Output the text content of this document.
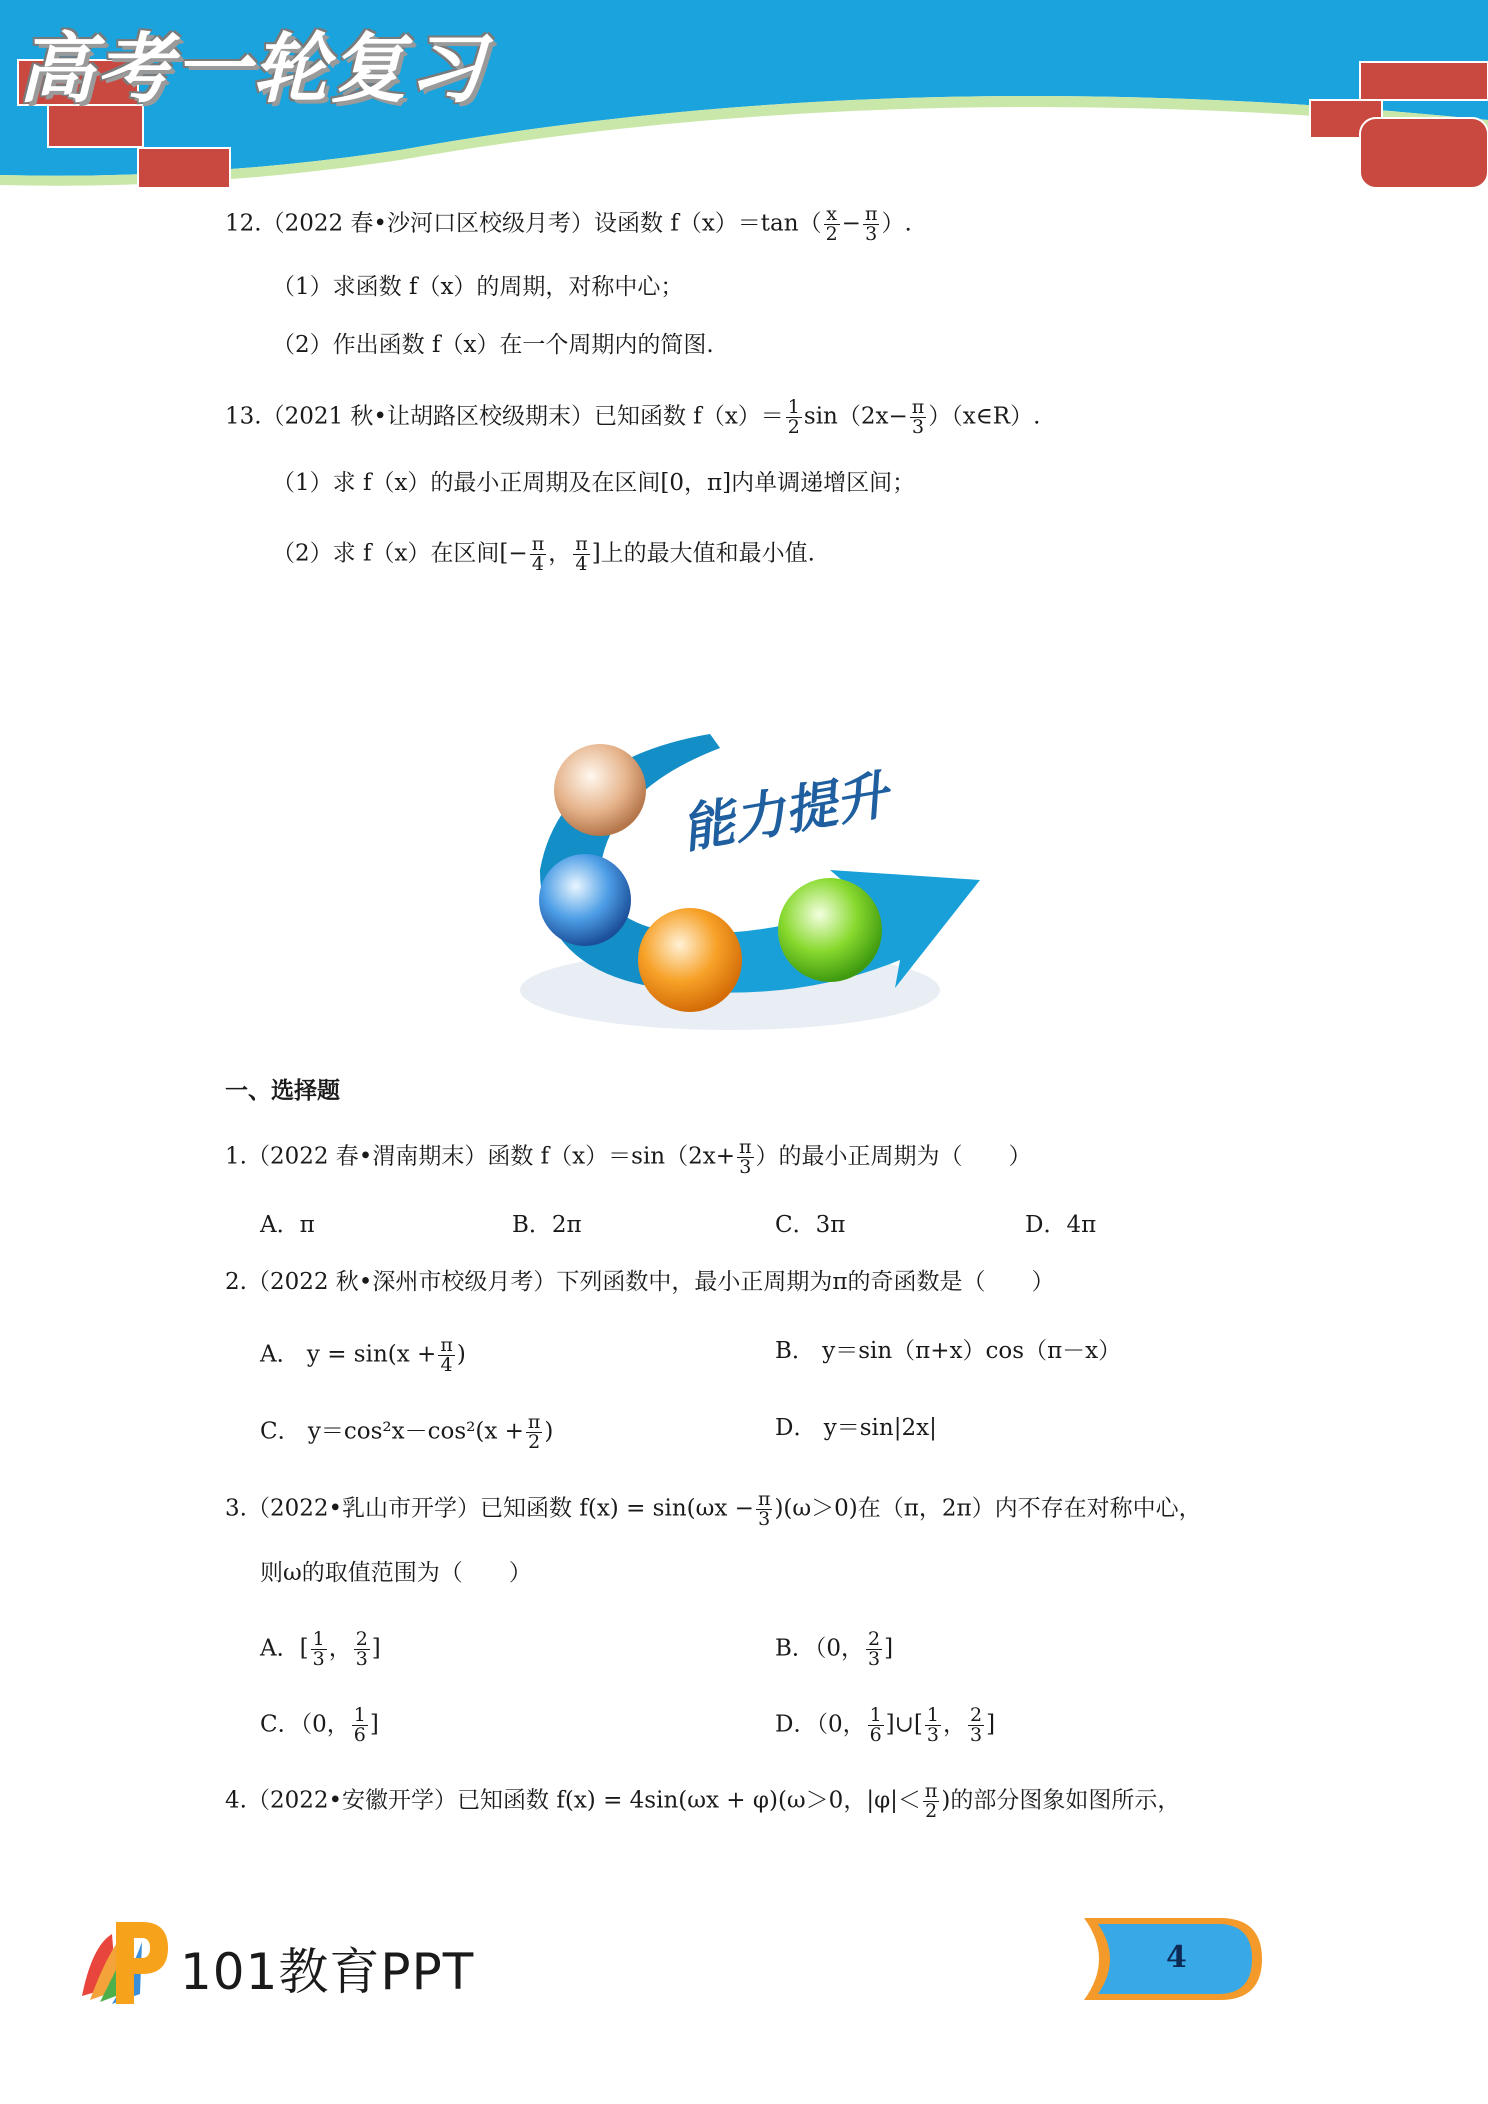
高考一轮复习
12.（2022 春•沙河口区校级月考）设函数 $f(x)=\tan( \frac{x}{2} - \frac{\pi}{3}$ ）.
（1）求函数 f（x）的周期，对称中心；
（2）作出函数 f（x）在一个周期内的简图.
13.（2021 秋•让胡路区校级期末）已知函数 $f(x)= \frac{1}{2} \sin(2x- \frac{\pi}{3}$ ）（x∈R）.
（1）求 f（x）的最小正周期及在区间[0，π]内单调递增区间；
（2）求 f（x）在区间[− $\frac{\pi}{4}$ ， $\frac{\pi}{4}$ ]上的最大值和最小值.
能力提升
一、选择题
1.（2022 春•渭南期末）函数 $f(x)=\sin(2x+ \frac{\pi}{3}$ ）的最小正周期为（　　）
A．π	B．2π	C．3π	D．4π
2.（2022 秋•深州市校级月考）下列函数中，最小正周期为π的奇函数是（　　）
A． $y = \sin(x + \frac{\pi}{4}$ )	B． y＝sin（π+x）cos（π－x）
C． $y=\cos^2x-\cos^2(x + \frac{\pi}{2}$ )	D． y＝sin|2x|
3.（2022•乳山市开学）已知函数 $f(x) = \sin(\omega x - \frac{\pi}{3} )(\omega>0)$在（π，2π）内不存在对称中心，
则ω的取值范围为（　　）
A．[ $\frac{1}{3}$ ， $\frac{2}{3}$ ]	B．（0， $\frac{2}{3}$ ]
C．（0， $\frac{1}{6}$ ]	D．（0， $\frac{1}{6}$ ]∪[ $\frac{1}{3}$ ， $\frac{2}{3}$ ]
4.（2022•安徽开学）已知函数 f(x) = 4sin(ωx + φ)(ω＞0，$|\varphi|< \frac{\pi}{2}$ )的部分图象如图所示，
101教育PPT	4
